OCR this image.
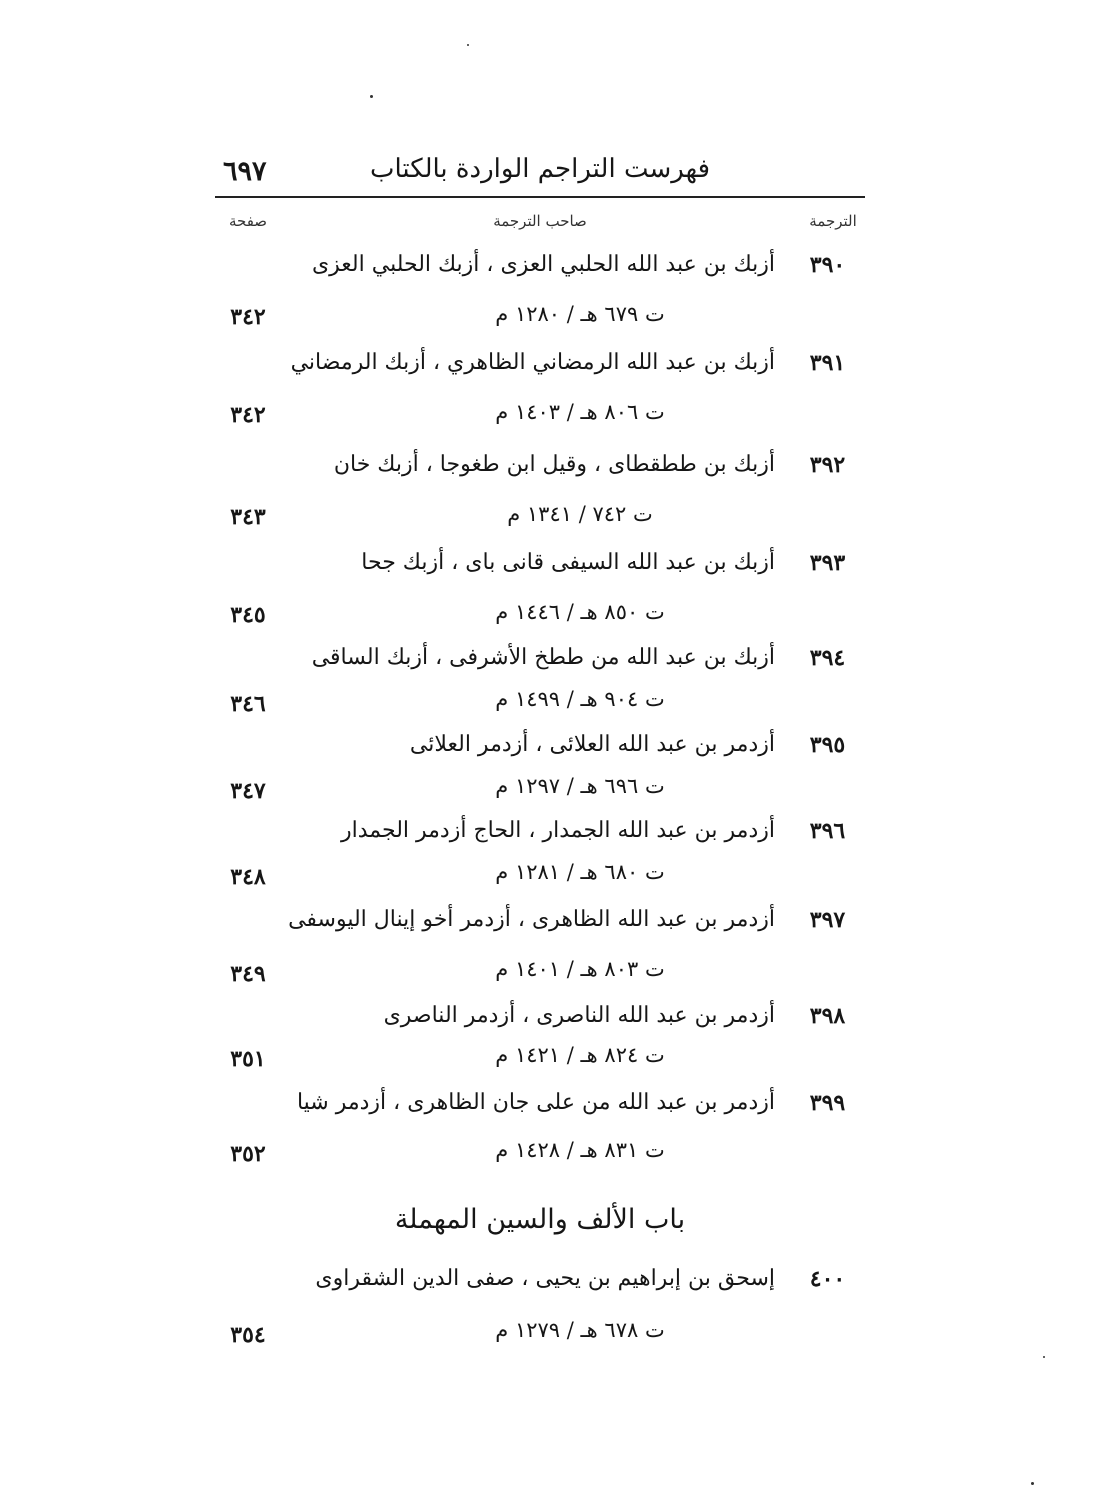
٦٩٧	فهرست التراجم الواردة بالكتاب
الترجمة
صاحب الترجمة
صفحة
٣٩٠
أزبك بن عبد الله الحلبي العزى ، أزبك الحلبي العزى
ت ٦٧٩ هـ / ١٢٨٠ م
٣٤٢
٣٩١
أزبك بن عبد الله الرمضاني الظاهري ، أزبك الرمضاني
ت ٨٠٦ هـ / ١٤٠٣ م
٣٤٢
٣٩٢
أزبك بن ططقطاى ، وقيل ابن طغوجا ، أزبك خان
ت ٧٤٢ / ١٣٤١ م
٣٤٣
٣٩٣
أزبك بن عبد الله السيفى قانى باى ، أزبك جحا
ت ٨٥٠ هـ / ١٤٤٦ م
٣٤٥
٣٩٤
أزبك بن عبد الله من ططخ الأشرفى ، أزبك الساقى
ت ٩٠٤ هـ / ١٤٩٩ م
٣٤٦
٣٩٥
أزدمر بن عبد الله العلائى ، أزدمر العلائى
ت ٦٩٦ هـ / ١٢٩٧ م
٣٤٧
٣٩٦
أزدمر بن عبد الله الجمدار ، الحاج أزدمر الجمدار
ت ٦٨٠ هـ / ١٢٨١ م
٣٤٨
٣٩٧
أزدمر بن عبد الله الظاهرى ، أزدمر أخو إينال اليوسفى
ت ٨٠٣ هـ / ١٤٠١ م
٣٤٩
٣٩٨
أزدمر بن عبد الله الناصرى ، أزدمر الناصرى
ت ٨٢٤ هـ / ١٤٢١ م
٣٥١
٣٩٩
أزدمر بن عبد الله من على جان الظاهرى ، أزدمر شيا
ت ٨٣١ هـ / ١٤٢٨ م
٣٥٢
باب الألف والسين المهملة
٤٠٠
إسحق بن إبراهيم بن يحيى ، صفى الدين الشقراوى
ت ٦٧٨ هـ / ١٢٧٩ م
٣٥٤
